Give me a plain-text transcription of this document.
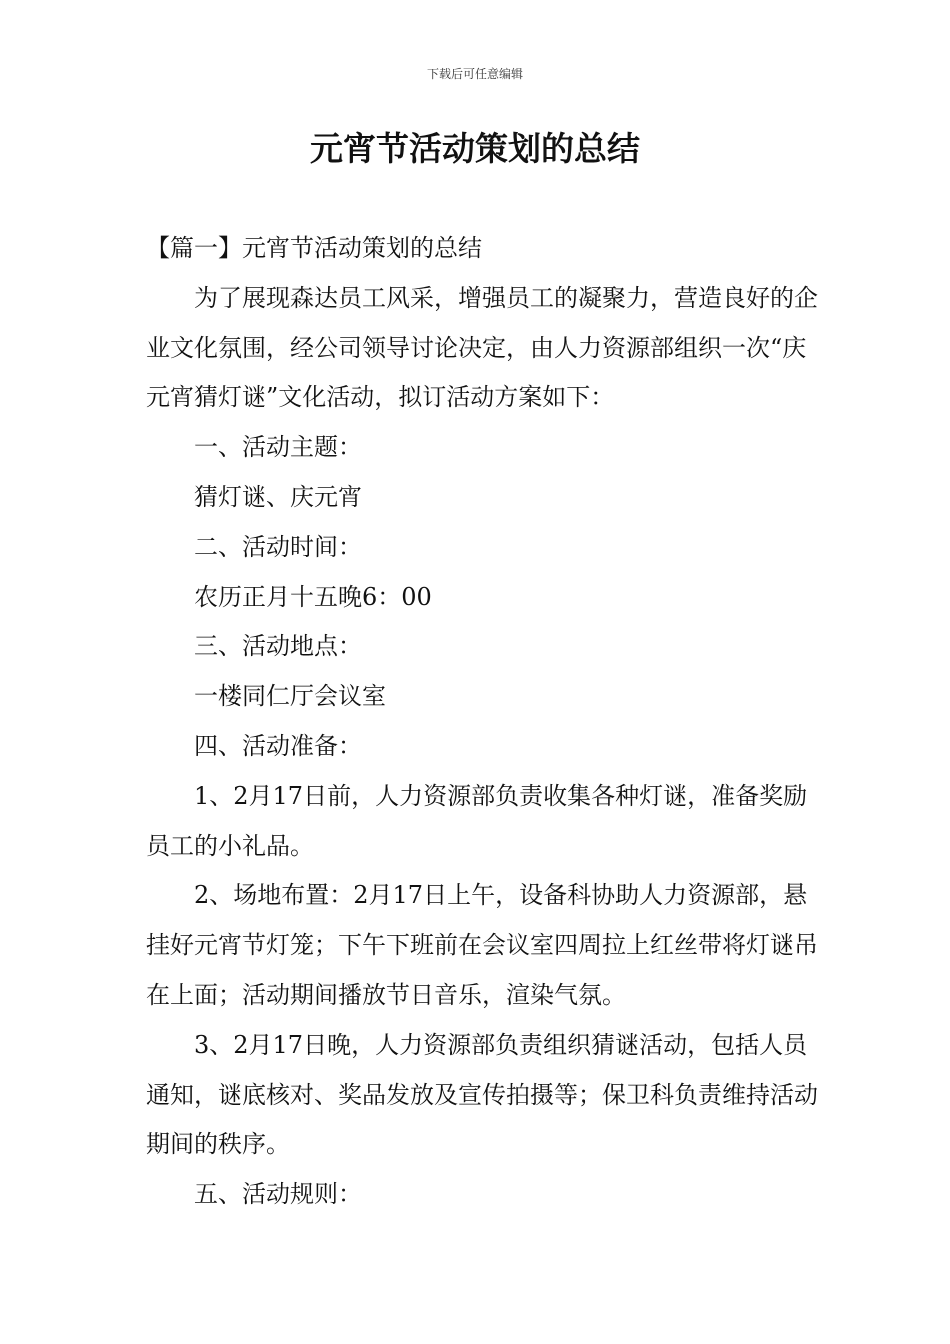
下载后可任意编辑
元宵节活动策划的总结
【篇一】元宵节活动策划的总结

为了展现森达员工风采，增强员工的凝聚力，营造良好的企业文化氛围，经公司领导讨论决定，由人力资源部组织一次“庆元宵猜灯谜”文化活动，拟订活动方案如下：

一、活动主题：

猜灯谜、庆元宵

二、活动时间：

农历正月十五晚6：00

三、活动地点：

一楼同仁厅会议室

四、活动准备：

1、2月17日前，人力资源部负责收集各种灯谜，准备奖励员工的小礼品。

2、场地布置：2月17日上午，设备科协助人力资源部，悬挂好元宵节灯笼；下午下班前在会议室四周拉上红丝带将灯谜吊在上面；活动期间播放节日音乐，渲染气氛。

3、2月17日晚，人力资源部负责组织猜谜活动，包括人员通知，谜底核对、奖品发放及宣传拍摄等；保卫科负责维持活动期间的秩序。

五、活动规则：
